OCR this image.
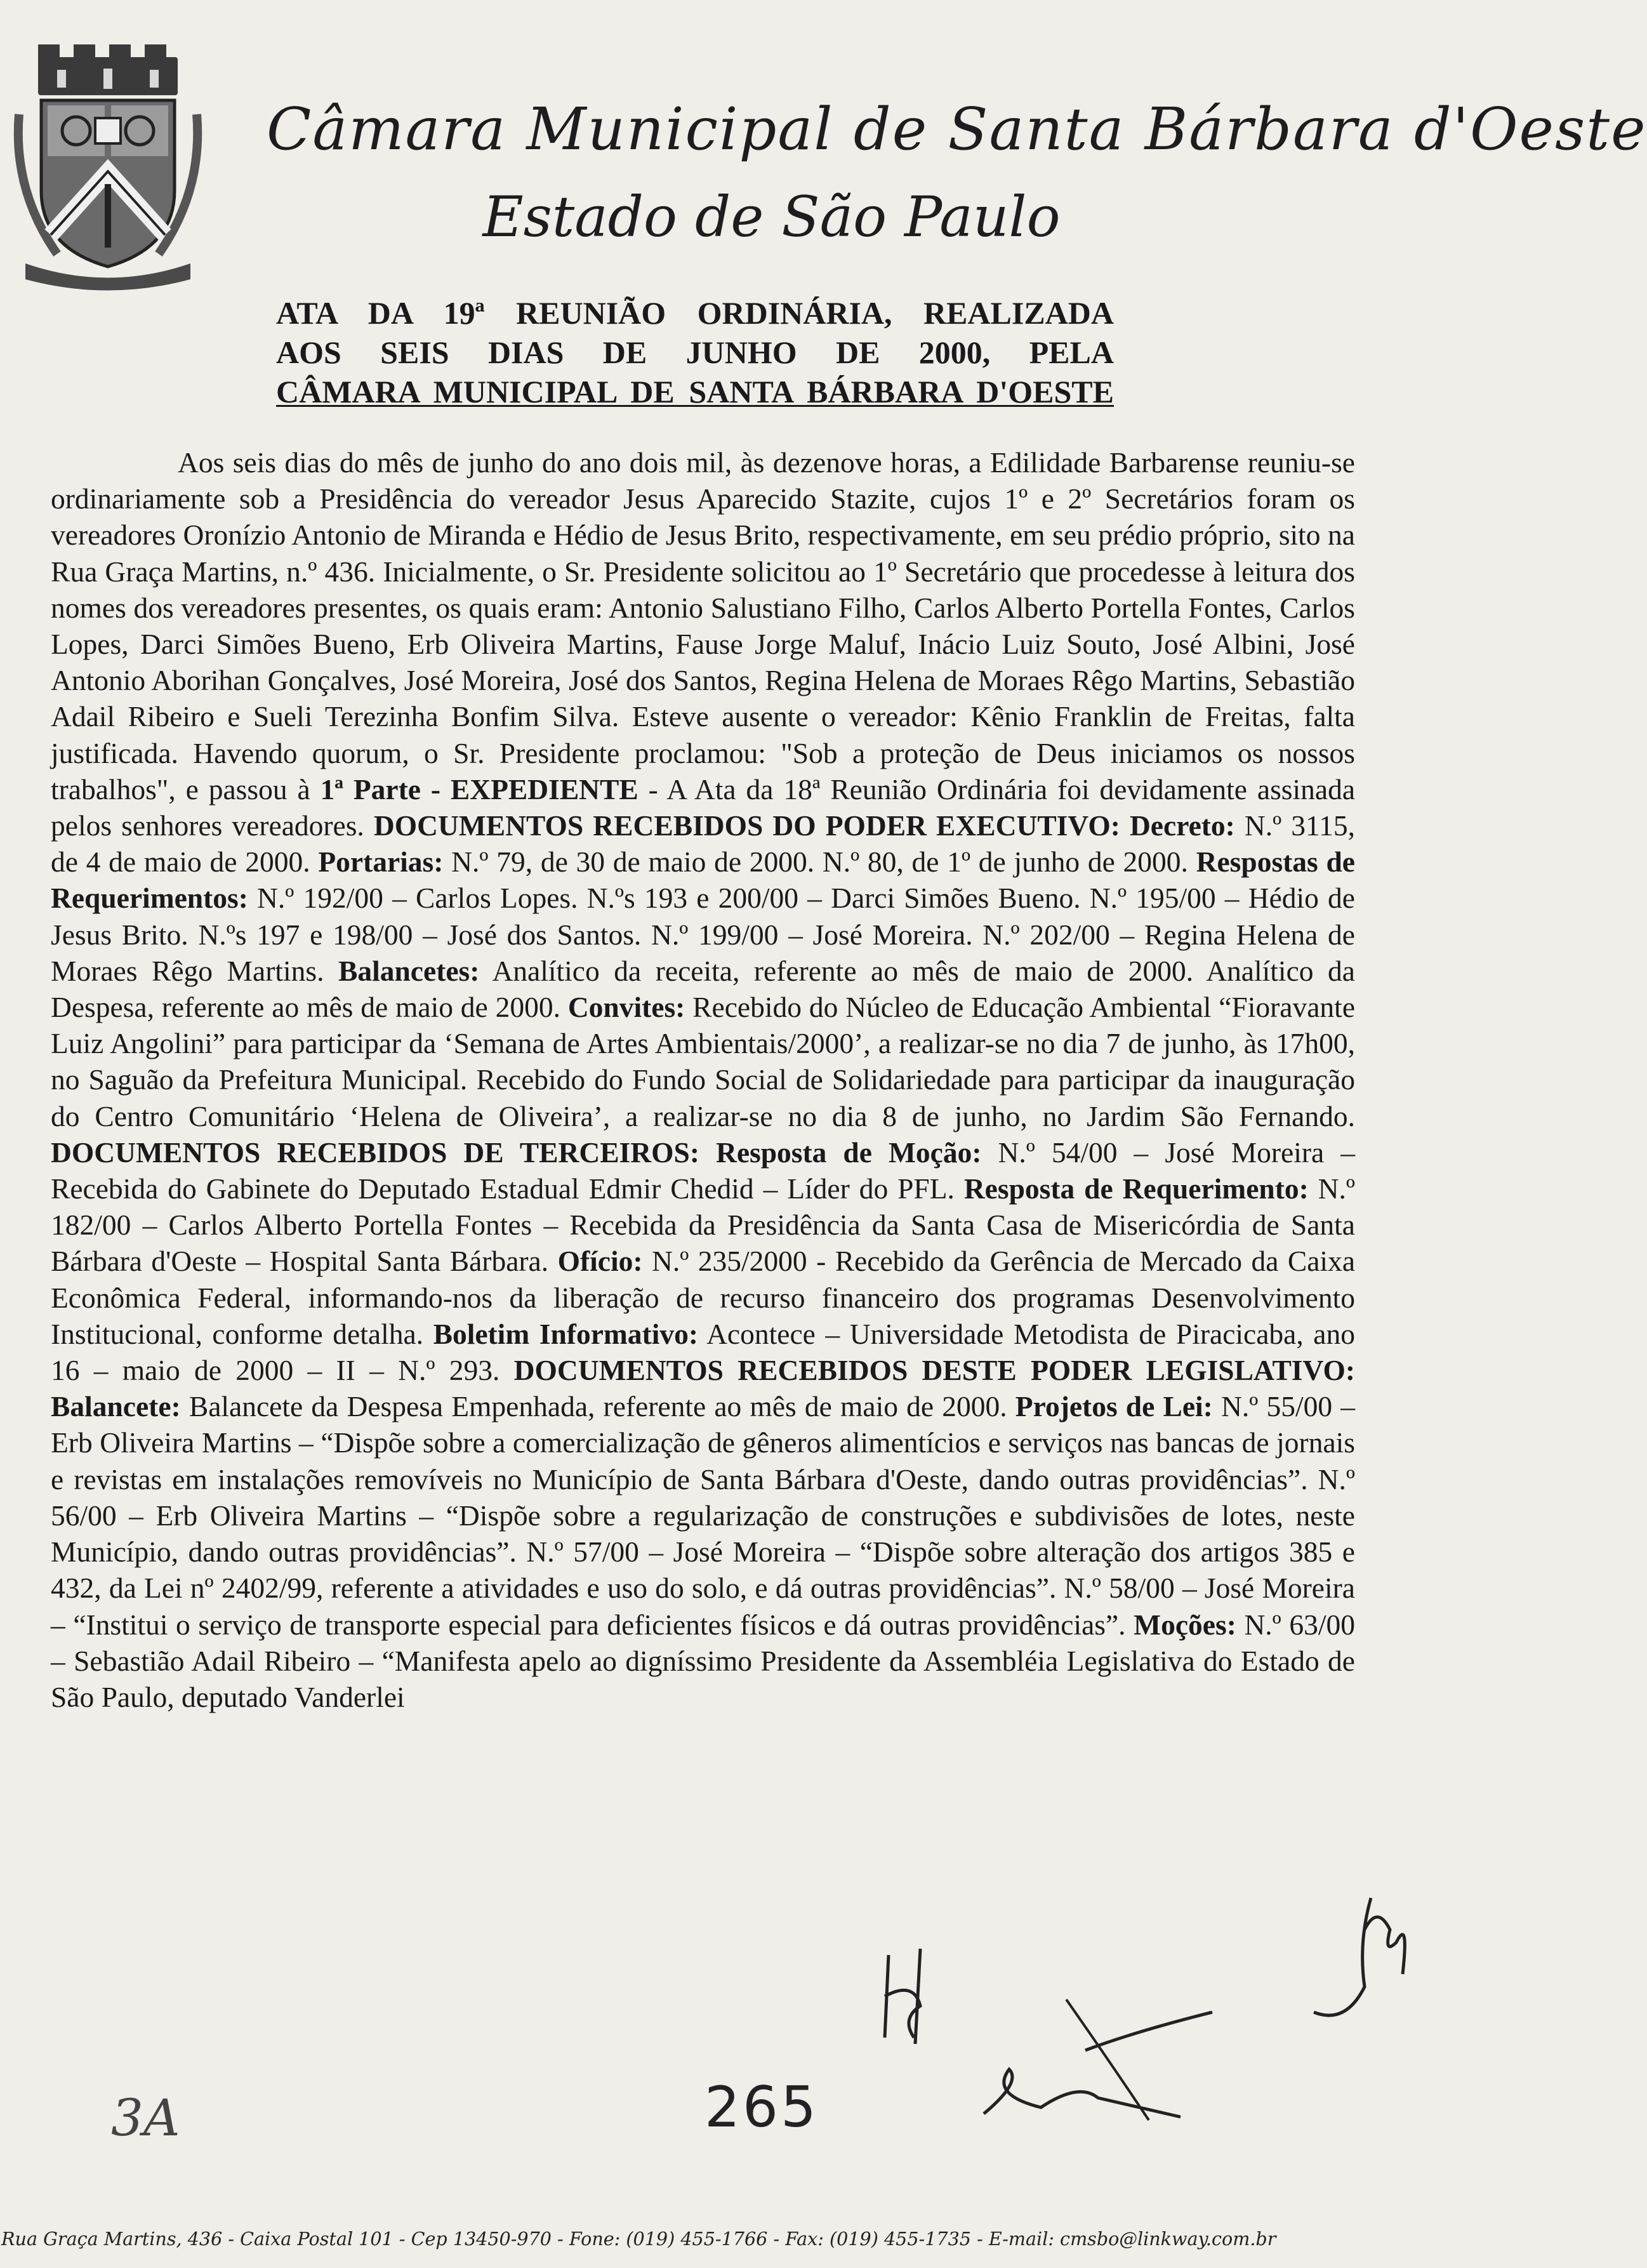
Câmara Municipal de Santa Bárbara d'Oeste
Estado de São Paulo
ATA DA 19ª REUNIÃO ORDINÁRIA, REALIZADA
AOS SEIS DIAS DE JUNHO DE 2000, PELA
CÂMARA MUNICIPAL DE SANTA BÁRBARA D'OESTE

Aos seis dias do mês de junho do ano dois mil, às dezenove horas, a Edilidade Barbarense reuniu-se ordinariamente sob a Presidência do vereador Jesus Aparecido Stazite, cujos 1º e 2º Secretários foram os vereadores Oronízio Antonio de Miranda e Hédio de Jesus Brito, respectivamente, em seu prédio próprio, sito na Rua Graça Martins, n.º 436. Inicialmente, o Sr. Presidente solicitou ao 1º Secretário que procedesse à leitura dos nomes dos vereadores presentes, os quais eram: Antonio Salustiano Filho, Carlos Alberto Portella Fontes, Carlos Lopes, Darci Simões Bueno, Erb Oliveira Martins, Fause Jorge Maluf, Inácio Luiz Souto, José Albini, José Antonio Aborihan Gonçalves, José Moreira, José dos Santos, Regina Helena de Moraes Rêgo Martins, Sebastião Adail Ribeiro e Sueli Terezinha Bonfim Silva. Esteve ausente o vereador: Kênio Franklin de Freitas, falta justificada. Havendo quorum, o Sr. Presidente proclamou: "Sob a proteção de Deus iniciamos os nossos trabalhos", e passou à 1ª Parte - EXPEDIENTE - A Ata da 18ª Reunião Ordinária foi devidamente assinada pelos senhores vereadores. DOCUMENTOS RECEBIDOS DO PODER EXECUTIVO: Decreto: N.º 3115, de 4 de maio de 2000. Portarias: N.º 79, de 30 de maio de 2000. N.º 80, de 1º de junho de 2000. Respostas de Requerimentos: N.º 192/00 – Carlos Lopes. N.ºs 193 e 200/00 – Darci Simões Bueno. N.º 195/00 – Hédio de Jesus Brito. N.ºs 197 e 198/00 – José dos Santos. N.º 199/00 – José Moreira. N.º 202/00 – Regina Helena de Moraes Rêgo Martins. Balancetes: Analítico da receita, referente ao mês de maio de 2000. Analítico da Despesa, referente ao mês de maio de 2000. Convites: Recebido do Núcleo de Educação Ambiental “Fioravante Luiz Angolini” para participar da ‘Semana de Artes Ambientais/2000’, a realizar-se no dia 7 de junho, às 17h00, no Saguão da Prefeitura Municipal. Recebido do Fundo Social de Solidariedade para participar da inauguração do Centro Comunitário ‘Helena de Oliveira’, a realizar-se no dia 8 de junho, no Jardim São Fernando. DOCUMENTOS RECEBIDOS DE TERCEIROS: Resposta de Moção: N.º 54/00 – José Moreira – Recebida do Gabinete do Deputado Estadual Edmir Chedid – Líder do PFL. Resposta de Requerimento: N.º 182/00 – Carlos Alberto Portella Fontes – Recebida da Presidência da Santa Casa de Misericórdia de Santa Bárbara d'Oeste – Hospital Santa Bárbara. Ofício: N.º 235/2000 - Recebido da Gerência de Mercado da Caixa Econômica Federal, informando-nos da liberação de recurso financeiro dos programas Desenvolvimento Institucional, conforme detalha. Boletim Informativo: Acontece – Universidade Metodista de Piracicaba, ano 16 – maio de 2000 – II – N.º 293. DOCUMENTOS RECEBIDOS DESTE PODER LEGISLATIVO: Balancete: Balancete da Despesa Empenhada, referente ao mês de maio de 2000. Projetos de Lei: N.º 55/00 – Erb Oliveira Martins – “Dispõe sobre a comercialização de gêneros alimentícios e serviços nas bancas de jornais e revistas em instalações removíveis no Município de Santa Bárbara d'Oeste, dando outras providências”. N.º 56/00 – Erb Oliveira Martins – “Dispõe sobre a regularização de construções e subdivisões de lotes, neste Município, dando outras providências”. N.º 57/00 – José Moreira – “Dispõe sobre alteração dos artigos 385 e 432, da Lei nº 2402/99, referente a atividades e uso do solo, e dá outras providências”. N.º 58/00 – José Moreira – “Institui o serviço de transporte especial para deficientes físicos e dá outras providências”. Moções: N.º 63/00 – Sebastião Adail Ribeiro – “Manifesta apelo ao digníssimo Presidente da Assembléia Legislativa do Estado de São Paulo, deputado Vanderlei

3A	265
Rua Graça Martins, 436 - Caixa Postal 101 - Cep 13450-970 - Fone: (019) 455-1766 - Fax: (019) 455-1735 - E-mail: cmsbo@linkway.com.br
